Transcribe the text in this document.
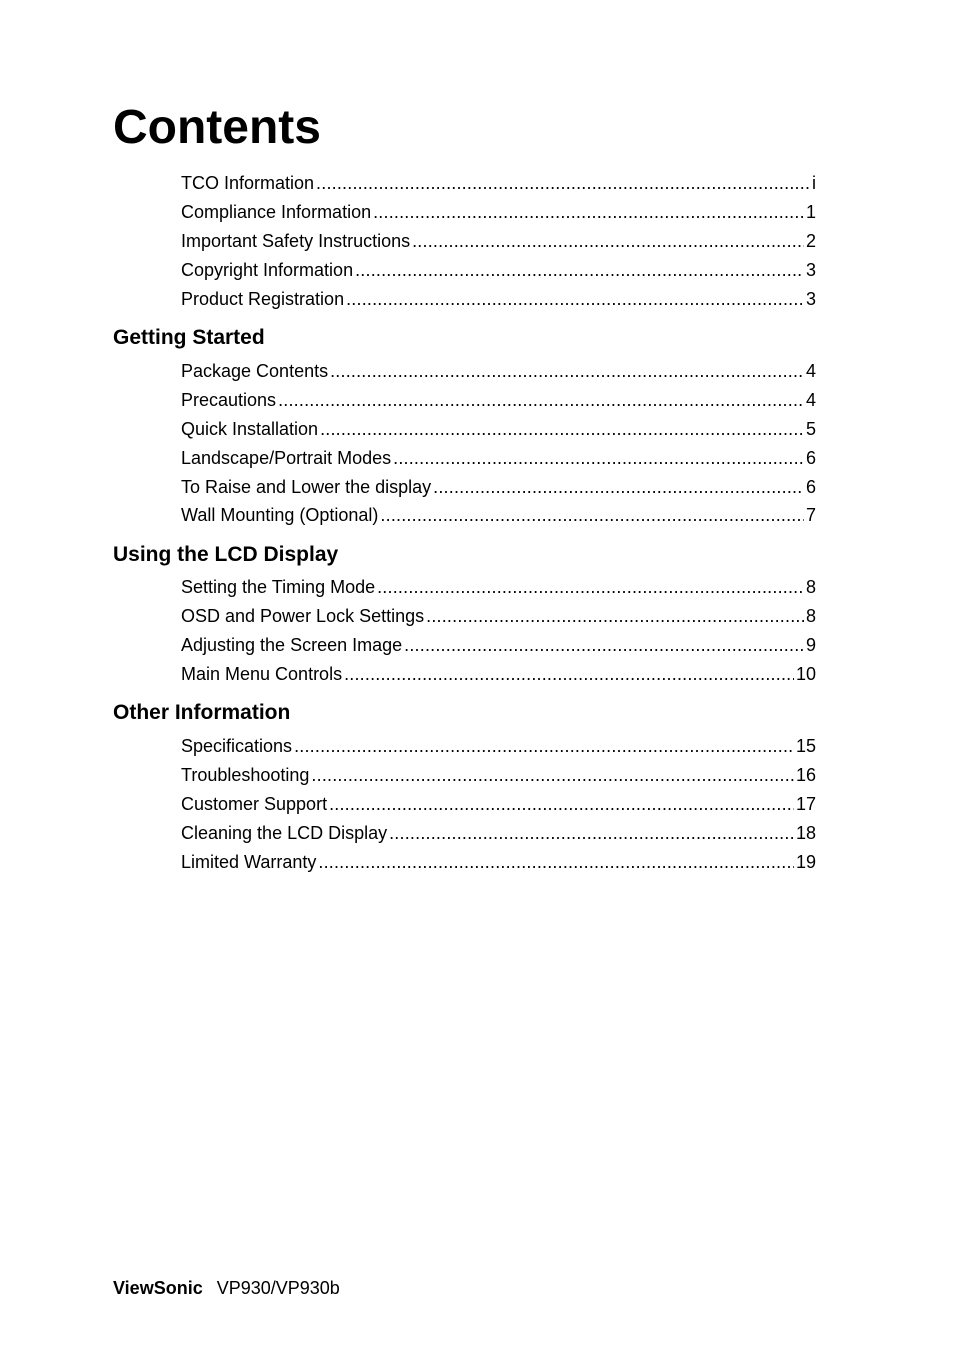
Contents
TCO Information .....	i
Compliance Information .....	1
Important Safety Instructions .....	2
Copyright Information .....	3
Product Registration .....	3
Getting Started
Package Contents .....	4
Precautions .....	4
Quick Installation .....	5
Landscape/Portrait Modes .....	6
To Raise and Lower the display .....	6
Wall Mounting (Optional) .....	7
Using the LCD Display
Setting the Timing Mode .....	8
OSD and Power Lock Settings .....	8
Adjusting the Screen Image .....	9
Main Menu Controls .....	10
Other Information
Specifications .....	15
Troubleshooting .....	16
Customer Support .....	17
Cleaning the LCD Display .....	18
Limited Warranty .....	19
ViewSonic VP930/VP930b
